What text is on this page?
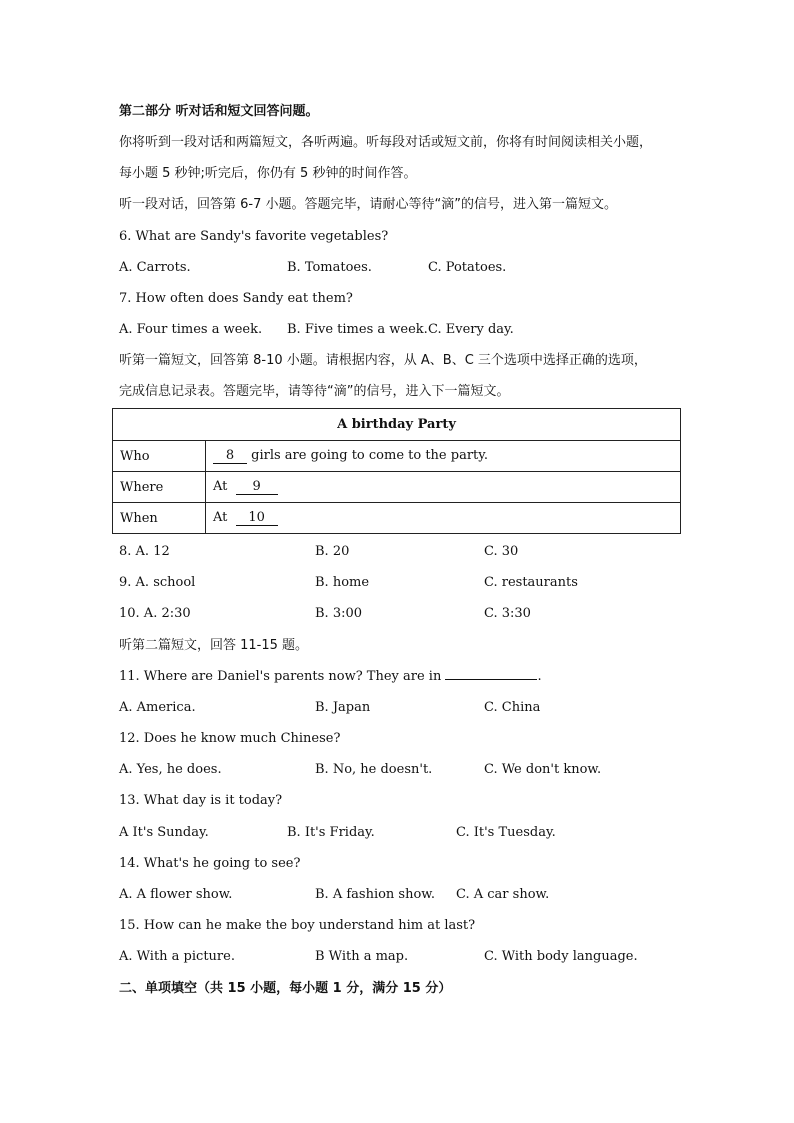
第二部分 听对话和短文回答问题。
你将听到一段对话和两篇短文，各听两遍。听每段对话或短文前，你将有时间阅读相关小题，
每小题 5 秒钟;听完后，你仍有 5 秒钟的时间作答。
听一段对话，回答第 6-7 小题。答题完毕，请耐心等待“滴”的信号，进入第一篇短文。
6. What are Sandy's favorite vegetables?
A. Carrots.	B. Tomatoes.	C. Potatoes.
7. How often does Sandy eat them?
A. Four times a week. B. Five times a week. C. Every day.
听第一篇短文，回答第 8-10 小题。请根据内容，从 A、B、C 三个选项中选择正确的选项，
完成信息记录表。答题完毕，请等待“滴”的信号，进入下一篇短文。
A birthday Party	
Who	8 girls are going to come to the party.
Where	At  9
When	At  10
8. A. 12	B. 20	C. 30
9. A. school	B. home	C. restaurants
10. A. 2:30	B. 3:00	C. 3:30
听第二篇短文，回答 11-15 题。
11. Where are Daniel's parents now? They are in	.
A. America.	B. Japan	C. China
12. Does he know much Chinese?
A. Yes, he does.	B. No, he doesn't.	C. We don't know.
13. What day is it today?
A It's Sunday.	B. It's Friday.	C. It's Tuesday.
14. What's he going to see?
A. A flower show.	B. A fashion show. C. A car show.
15. How can he make the boy understand him at last?
A. With a picture.	B With a map.	C. With body language.
二、单项填空（共 15 小题，每小题 1 分，满分 15 分）
